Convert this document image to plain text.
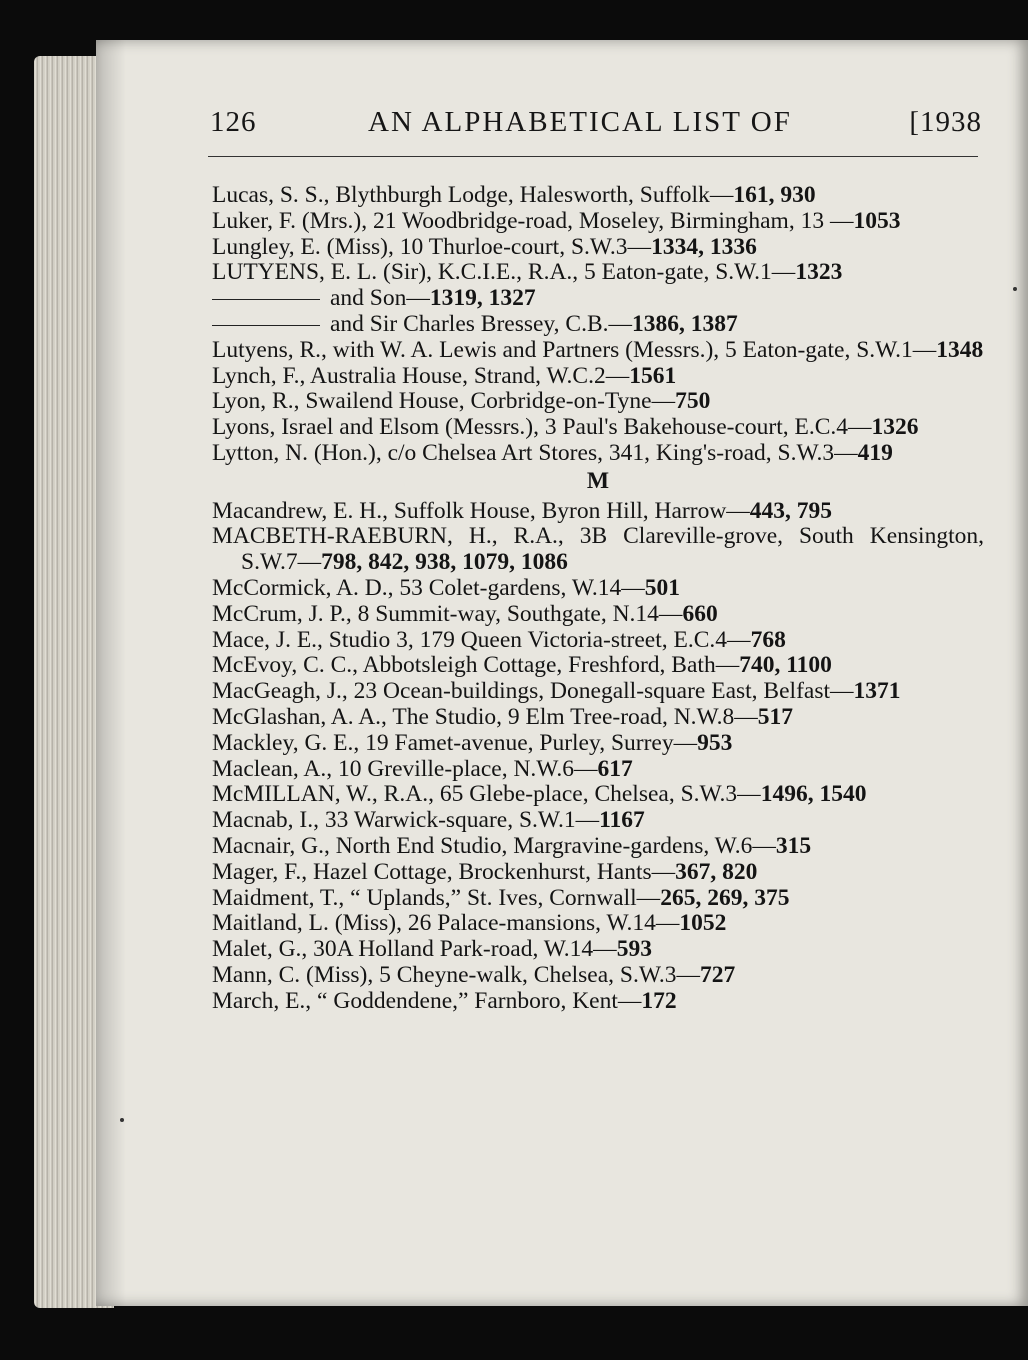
126	AN ALPHABETICAL LIST OF	[1938

Lucas, S. S., Blythburgh Lodge, Halesworth, Suffolk—161, 930

Luker, F. (Mrs.), 21 Woodbridge-road, Moseley, Birmingham, 13 —1053

Lungley, E. (Miss), 10 Thurloe-court, S.W.3—1334, 1336

LUTYENS, E. L. (Sir), K.C.I.E., R.A., 5 Eaton-gate, S.W.1—1323

and Son—1319, 1327

and Sir Charles Bressey, C.B.—1386, 1387

Lutyens, R., with W. A. Lewis and Partners (Messrs.), 5 Eaton-gate, S.W.1—1348

Lynch, F., Australia House, Strand, W.C.2—1561

Lyon, R., Swailend House, Corbridge-on-Tyne—750

Lyons, Israel and Elsom (Messrs.), 3 Paul's Bakehouse-court, E.C.4—1326

Lytton, N. (Hon.), c/o Chelsea Art Stores, 341, King's-road, S.W.3—419

M

Macandrew, E. H., Suffolk House, Byron Hill, Harrow—443, 795

MACBETH-RAEBURN, H., R.A., 3B Clareville-grove, South Kensington, S.W.7—798, 842, 938, 1079, 1086

McCormick, A. D., 53 Colet-gardens, W.14—501

McCrum, J. P., 8 Summit-way, Southgate, N.14—660

Mace, J. E., Studio 3, 179 Queen Victoria-street, E.C.4—768

McEvoy, C. C., Abbotsleigh Cottage, Freshford, Bath—740, 1100

MacGeagh, J., 23 Ocean-buildings, Donegall-square East, Belfast—1371

McGlashan, A. A., The Studio, 9 Elm Tree-road, N.W.8—517

Mackley, G. E., 19 Famet-avenue, Purley, Surrey—953

Maclean, A., 10 Greville-place, N.W.6—617

McMILLAN, W., R.A., 65 Glebe-place, Chelsea, S.W.3—1496, 1540

Macnab, I., 33 Warwick-square, S.W.1—1167

Macnair, G., North End Studio, Margravine-gardens, W.6—315

Mager, F., Hazel Cottage, Brockenhurst, Hants—367, 820

Maidment, T., “ Uplands,” St. Ives, Cornwall—265, 269, 375

Maitland, L. (Miss), 26 Palace-mansions, W.14—1052

Malet, G., 30A Holland Park-road, W.14—593

Mann, C. (Miss), 5 Cheyne-walk, Chelsea, S.W.3—727

March, E., “ Goddendene,” Farnboro, Kent—172
